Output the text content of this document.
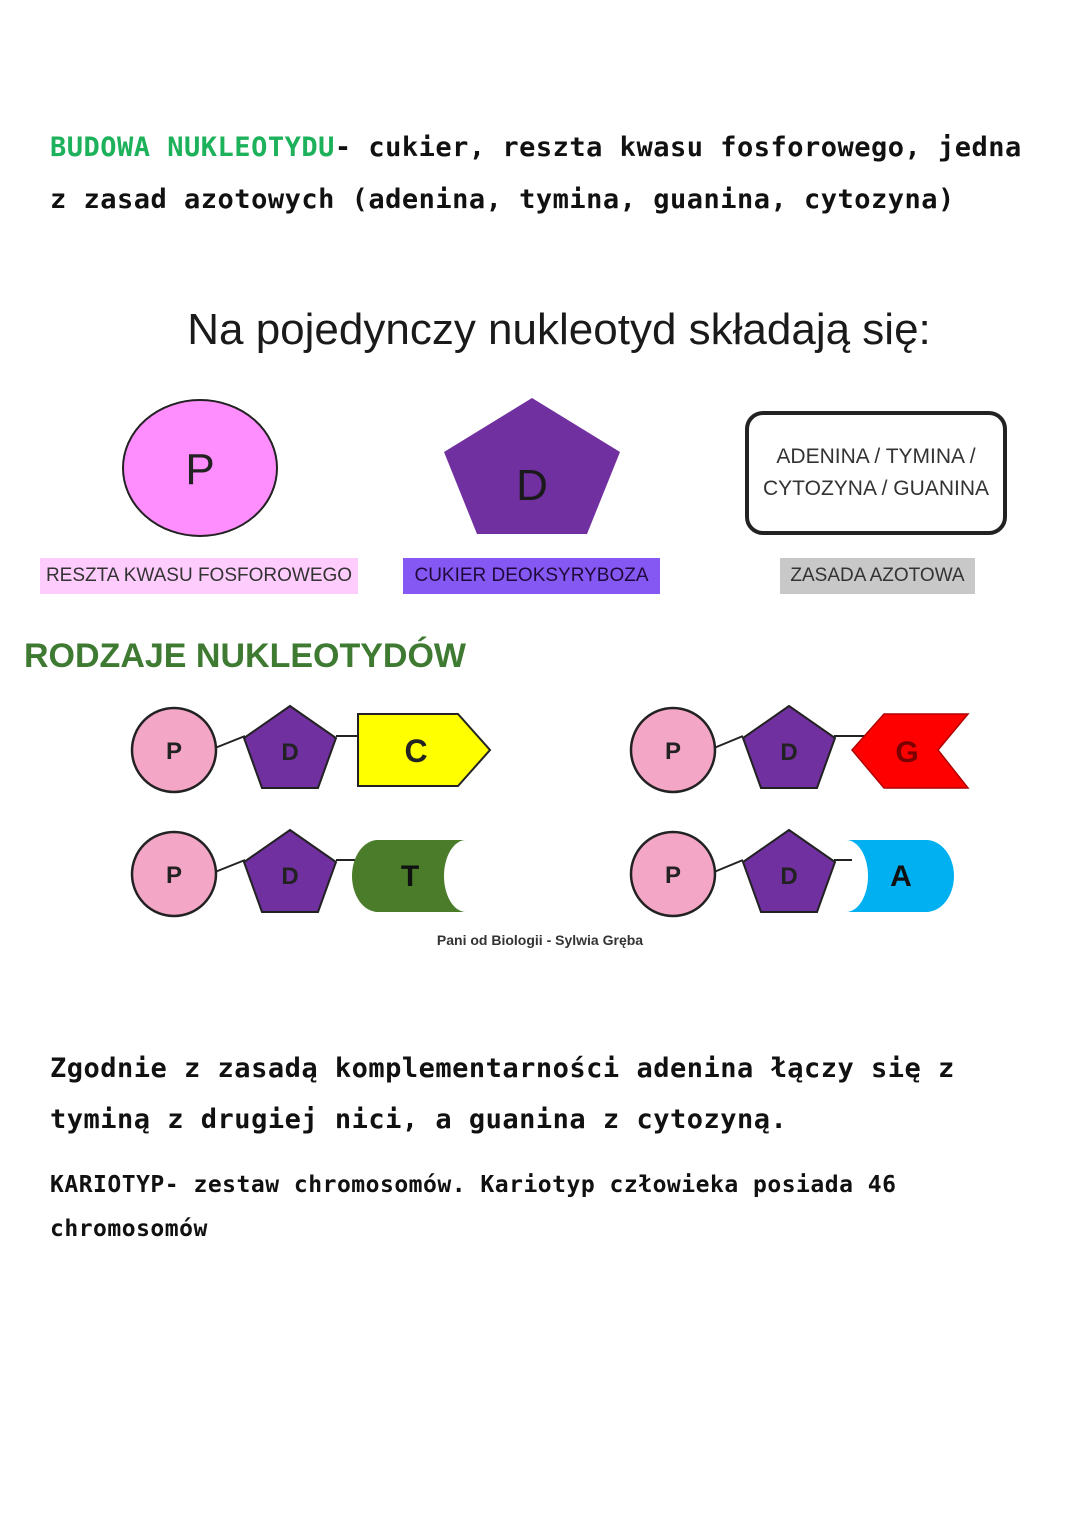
BUDOWA NUKLEOTYDU- cukier, reszta kwasu fosforowego, jedna z zasad azotowych (adenina, tymina, guanina, cytozyna)
Na pojedynczy nukleotyd składają się:
P	D
P	D	C	P	D	G
P	D	T	P	D	A
ADENINA / TYMINA /
CYTOZYNA / GUANINA
RESZTA KWASU FOSFOROWEGO	CUKIER DEOKSYRYBOZA	ZASADA AZOTOWA
RODZAJE NUKLEOTYDÓW
Pani od Biologii - Sylwia Gręba
Zgodnie z zasadą komplementarności adenina łączy się z tyminą z drugiej nici, a guanina z cytozyną.
KARIOTYP- zestaw chromosomów. Kariotyp człowieka posiada 46 chromosomów
